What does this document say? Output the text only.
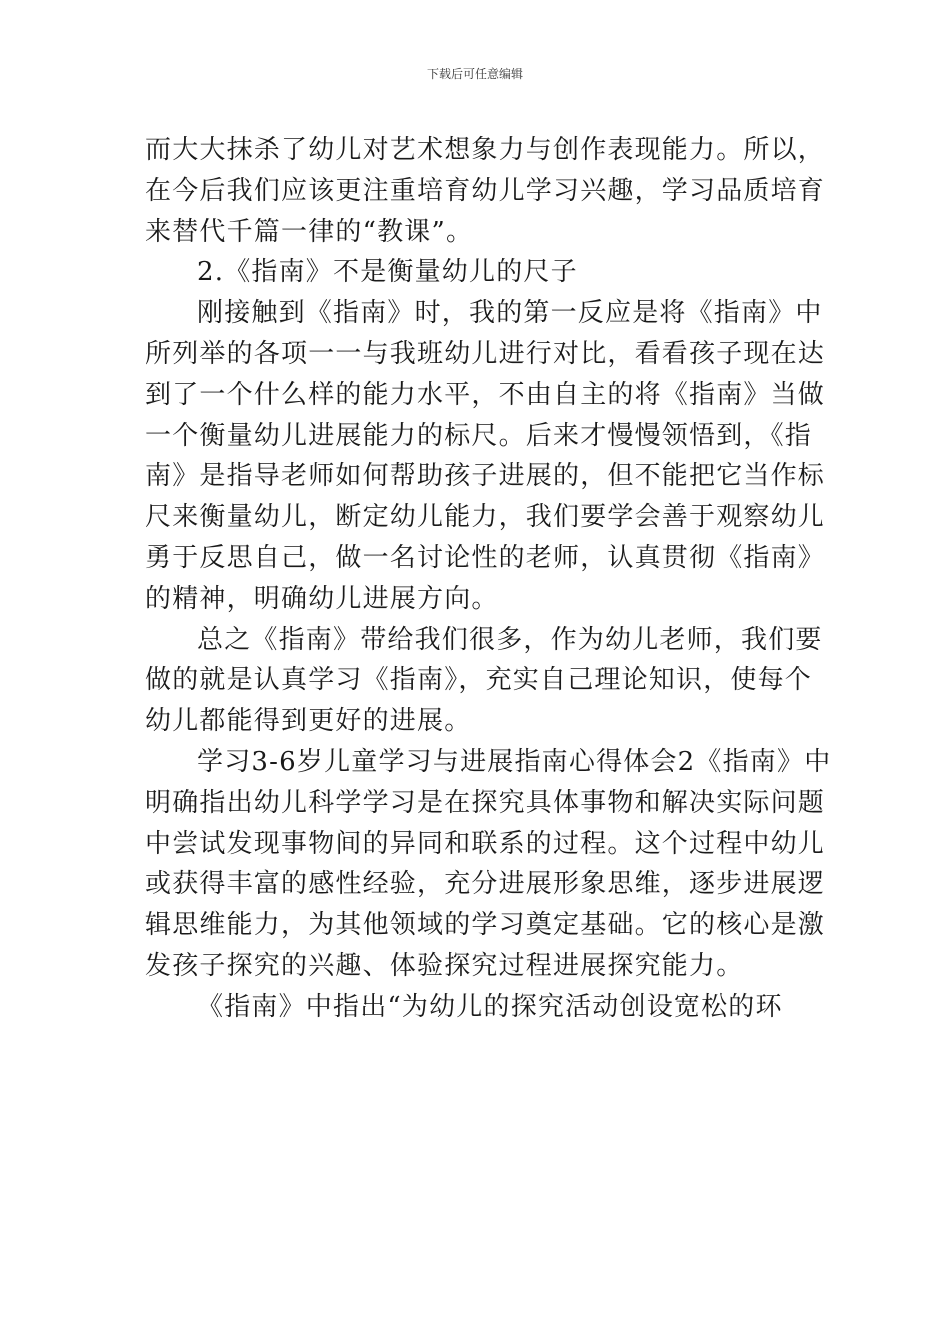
下载后可任意编辑

而大大抹杀了幼儿对艺术想象力与创作表现能力。所以，

在今后我们应该更注重培育幼儿学习兴趣，学习品质培育

来替代千篇一律的“教课”。

2.《指南》不是衡量幼儿的尺子

刚接触到《指南》时，我的第一反应是将《指南》中

所列举的各项一一与我班幼儿进行对比，看看孩子现在达

到了一个什么样的能力水平，不由自主的将《指南》当做

一个衡量幼儿进展能力的标尺。后来才慢慢领悟到，《指

南》是指导老师如何帮助孩子进展的，但不能把它当作标

尺来衡量幼儿，断定幼儿能力，我们要学会善于观察幼儿

勇于反思自己，做一名讨论性的老师，认真贯彻《指南》

的精神，明确幼儿进展方向。

总之《指南》带给我们很多，作为幼儿老师，我们要

做的就是认真学习《指南》，充实自己理论知识，使每个

幼儿都能得到更好的进展。

学习3-6岁儿童学习与进展指南心得体会2《指南》中

明确指出幼儿科学学习是在探究具体事物和解决实际问题

中尝试发现事物间的异同和联系的过程。这个过程中幼儿

或获得丰富的感性经验，充分进展形象思维，逐步进展逻

辑思维能力，为其他领域的学习奠定基础。它的核心是激

发孩子探究的兴趣、体验探究过程进展探究能力。

《指南》中指出“为幼儿的探究活动创设宽松的环
